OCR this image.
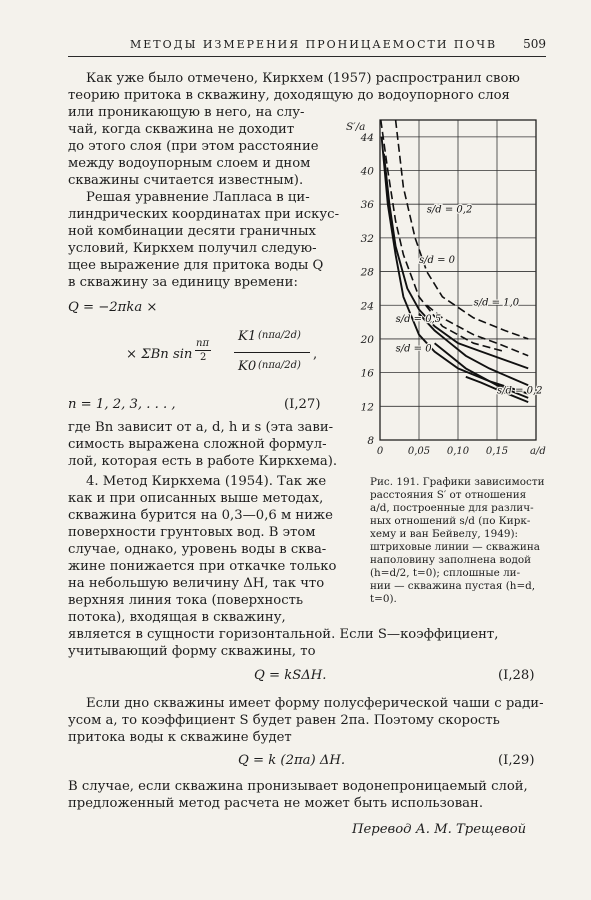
МЕТОДЫ ИЗМЕРЕНИЯ ПРОНИЦАЕМОСТИ ПОЧВ 509
Как уже было отмечено, Киркхем (1957) распространил свою
теорию притока в скважину, доходящую до водоупорного слоя
или проникающую в него, на слу-
чай, когда скважина не доходит
до этого слоя (при этом расстояние
между водоупорным слоем и дном
скважины считается известным).
Решая уравнение Лапласа в ци-
линдрических координатах при искус-
ной комбинации десяти граничных
условий, Киркхем получил следую-
щее выражение для притока воды Q
в скважину за единицу времени:
Q = −2πka ×
× ΣBn sin
nπ
2
K1 (nπa/2d)
K0 (nπa/2d)
,
n = 1, 2, 3, . . . ,	(I,27)
где Bn зависит от a, d, h и s (эта зави-
симость выражена сложной формул-
лой, которая есть в работе Киркхема).
4. Метод Киркхема (1954). Так же
как и при описанных выше методах,
скважина бурится на 0,3—0,6 м ниже
поверхности грунтовых вод. В этом
случае, однако, уровень воды в сква-
жине понижается при откачке только
на небольшую величину ΔH, так что
верхняя линия тока (поверхность
потока), входящая в скважину,
является в сущности горизонтальной. Если S—коэффициент,
учитывающий форму скважины, то
Q = kSΔH.	(I,28)
Если дно скважины имеет форму полусферической чаши с ради-
усом a, то коэффициент S будет равен 2πa. Поэтому скорость
притока воды к скважине будет
Q = k (2πa) ΔH.	(I,29)
В случае, если скважина пронизывает водонепроницаемый слой,
предложенный метод расчета не может быть использован.
Перевод А. М. Трещевой
8
12
16
20
24
28
32
36
40
44
0 0,05 0,10 0,15
S′/a
a/d
s/d = 0,2
s/d = 0
s/d = 1,0
s/d = 0,5
s/d = 0
s/d = 0,2
Рис. 191. Графики зависимости
расстояния S′ от отношения
a/d, построенные для различ-
ных отношений s/d (по Кирк-
хему и ван Бейвелу, 1949):
штриховые линии — скважина
наполовину заполнена водой
(h=d/2, t=0); сплошные ли-
нии — скважина пустая (h=d,
t=0).
